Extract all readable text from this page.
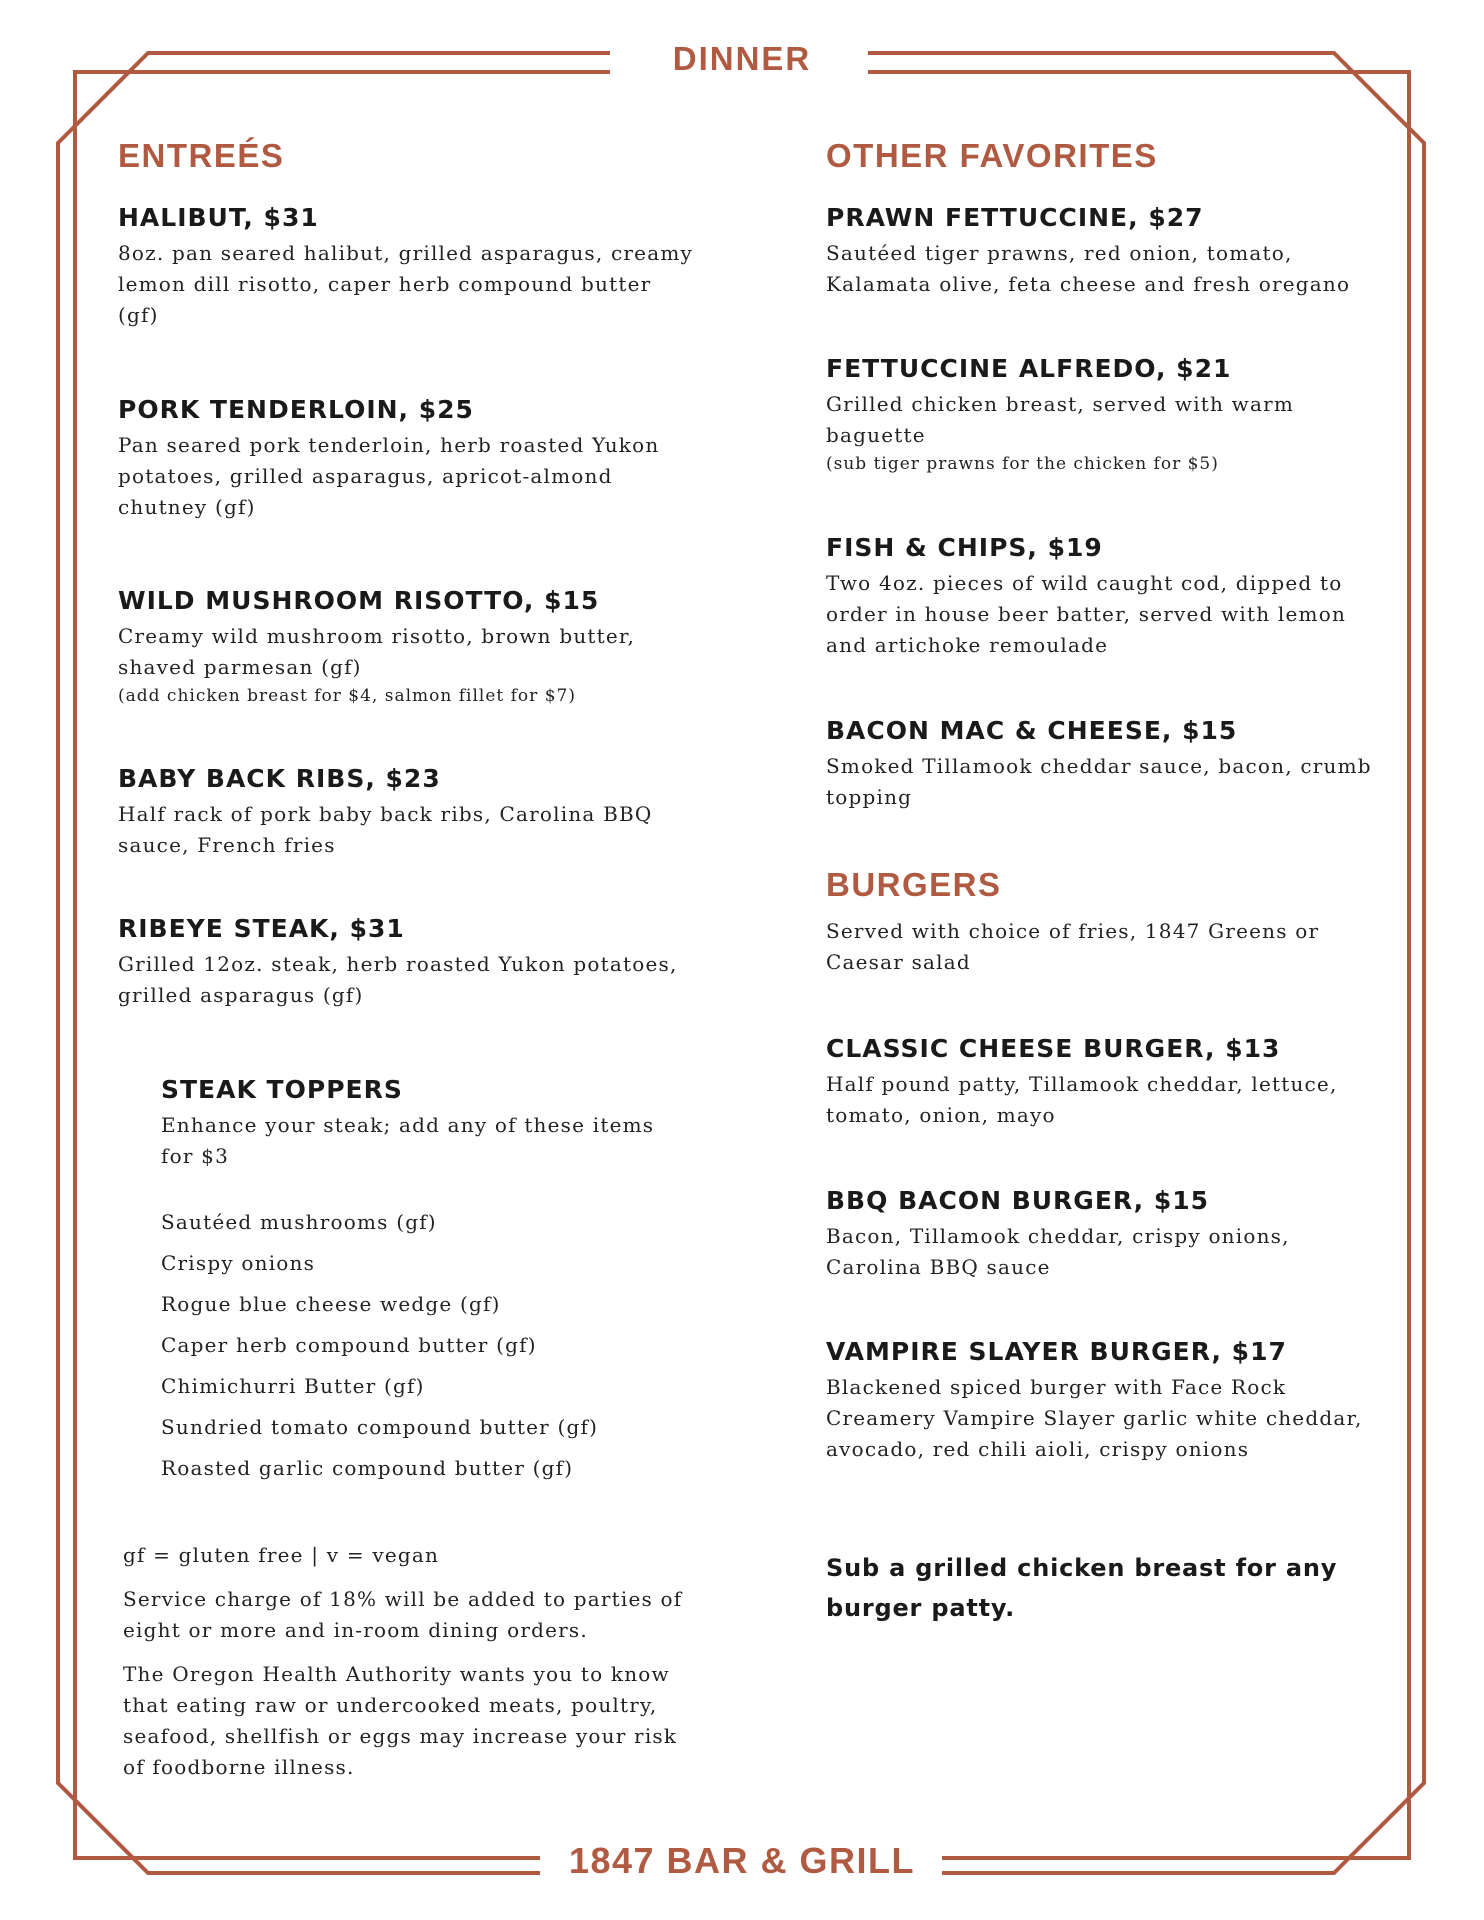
DINNER
1847 BAR & GRILL
ENTREÉS
HALIBUT, $31

8oz. pan seared halibut, grilled asparagus, creamy lemon dill risotto, caper herb compound butter (gf)

PORK TENDERLOIN, $25

Pan seared pork tenderloin, herb roasted Yukon potatoes, grilled asparagus, apricot-almond chutney (gf)

WILD MUSHROOM RISOTTO, $15

Creamy wild mushroom risotto, brown butter, shaved parmesan (gf)

(add chicken breast for $4, salmon fillet for $7)

BABY BACK RIBS, $23

Half rack of pork baby back ribs, Carolina BBQ sauce, French fries

RIBEYE STEAK, $31

Grilled 12oz. steak, herb roasted Yukon potatoes, grilled asparagus (gf)

STEAK TOPPERS

Enhance your steak; add any of these items for $3

Sautéed mushrooms (gf)
Crispy onions
Rogue blue cheese wedge (gf)
Caper herb compound butter (gf)
Chimichurri Butter (gf)
Sundried tomato compound butter (gf)
Roasted garlic compound butter (gf)

gf = gluten free | v = vegan

Service charge of 18% will be added to parties of eight or more and in-room dining orders.

The Oregon Health Authority wants you to know that eating raw or undercooked meats, poultry, seafood, shellfish or eggs may increase your risk of foodborne illness.

OTHER FAVORITES
PRAWN FETTUCCINE, $27

Sautéed tiger prawns, red onion, tomato, Kalamata olive, feta cheese and fresh oregano

FETTUCCINE ALFREDO, $21

Grilled chicken breast, served with warm baguette

(sub tiger prawns for the chicken for $5)

FISH & CHIPS, $19

Two 4oz. pieces of wild caught cod, dipped to order in house beer batter, served with lemon and artichoke remoulade

BACON MAC & CHEESE, $15

Smoked Tillamook cheddar sauce, bacon, crumb topping

BURGERS

Served with choice of fries, 1847 Greens or Caesar salad

CLASSIC CHEESE BURGER, $13

Half pound patty, Tillamook cheddar, lettuce, tomato, onion, mayo

BBQ BACON BURGER, $15

Bacon, Tillamook cheddar, crispy onions, Carolina BBQ sauce

VAMPIRE SLAYER BURGER, $17

Blackened spiced burger with Face Rock Creamery Vampire Slayer garlic white cheddar, avocado, red chili aioli, crispy onions

Sub a grilled chicken breast for any burger patty.
